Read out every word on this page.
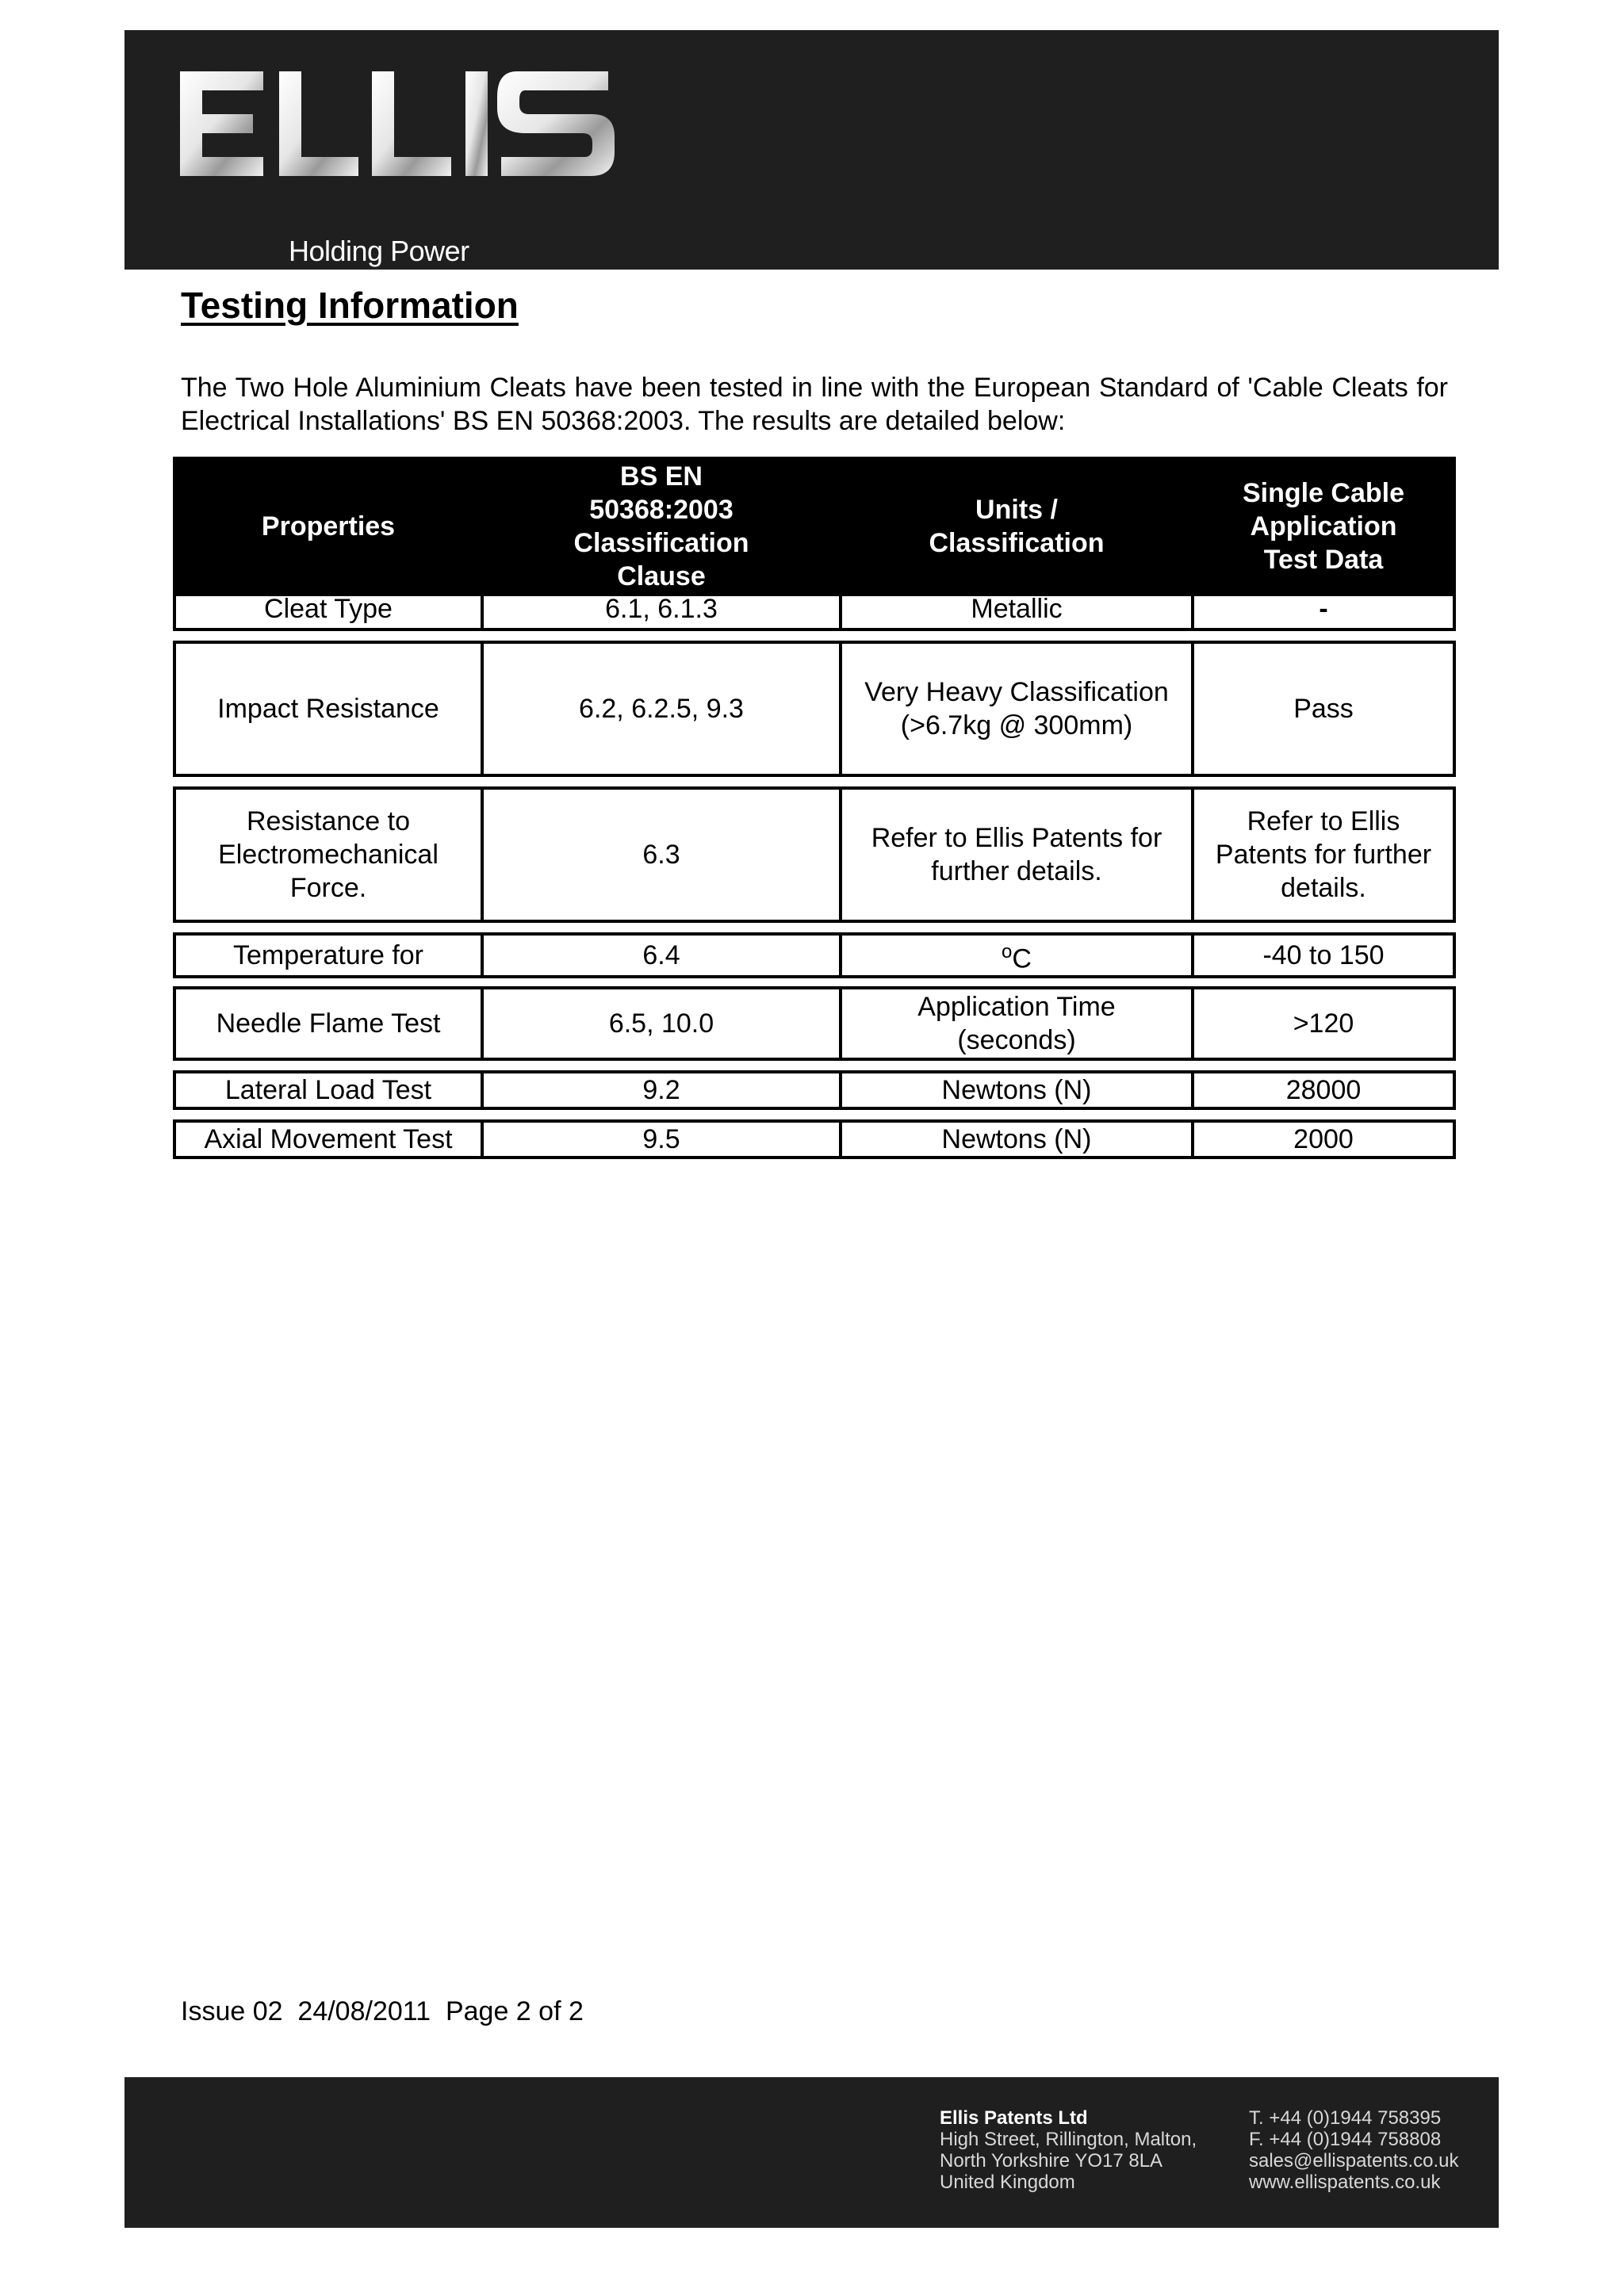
Holding Power
Testing Information

The Two Hole Aluminium Cleats have been tested in line with the European Standard of 'Cable Cleats for Electrical Installations' BS EN 50368:2003. The results are detailed below:

Properties	BS EN 50368:2003 Classification Clause	Units / Classification	Single Cable Application Test Data
Cleat Type	6.1, 6.1.3	Metallic	-
Impact Resistance	6.2, 6.2.5, 9.3	Very Heavy Classification     (>6.7kg @ 300mm)	Pass
Resistance to Electromechanical Force.	6.3	Refer to Ellis Patents for further details.	Refer to Ellis Patents for further details.
Temperature for	6.4	$^o$C	-40 to 150
Needle Flame Test	6.5, 10.0	Application Time (seconds)	>120
Lateral Load Test	9.2	Newtons (N)	28000
Axial Movement Test	9.5	Newtons (N)	2000
Issue 02  24/08/2011  Page 2 of 2
Ellis Patents Ltd
High Street, Rillington, Malton,
North Yorkshire YO17 8LA
United Kingdom
T. +44 (0)1944 758395
F. +44 (0)1944 758808
sales@ellispatents.co.uk
www.ellispatents.co.uk
